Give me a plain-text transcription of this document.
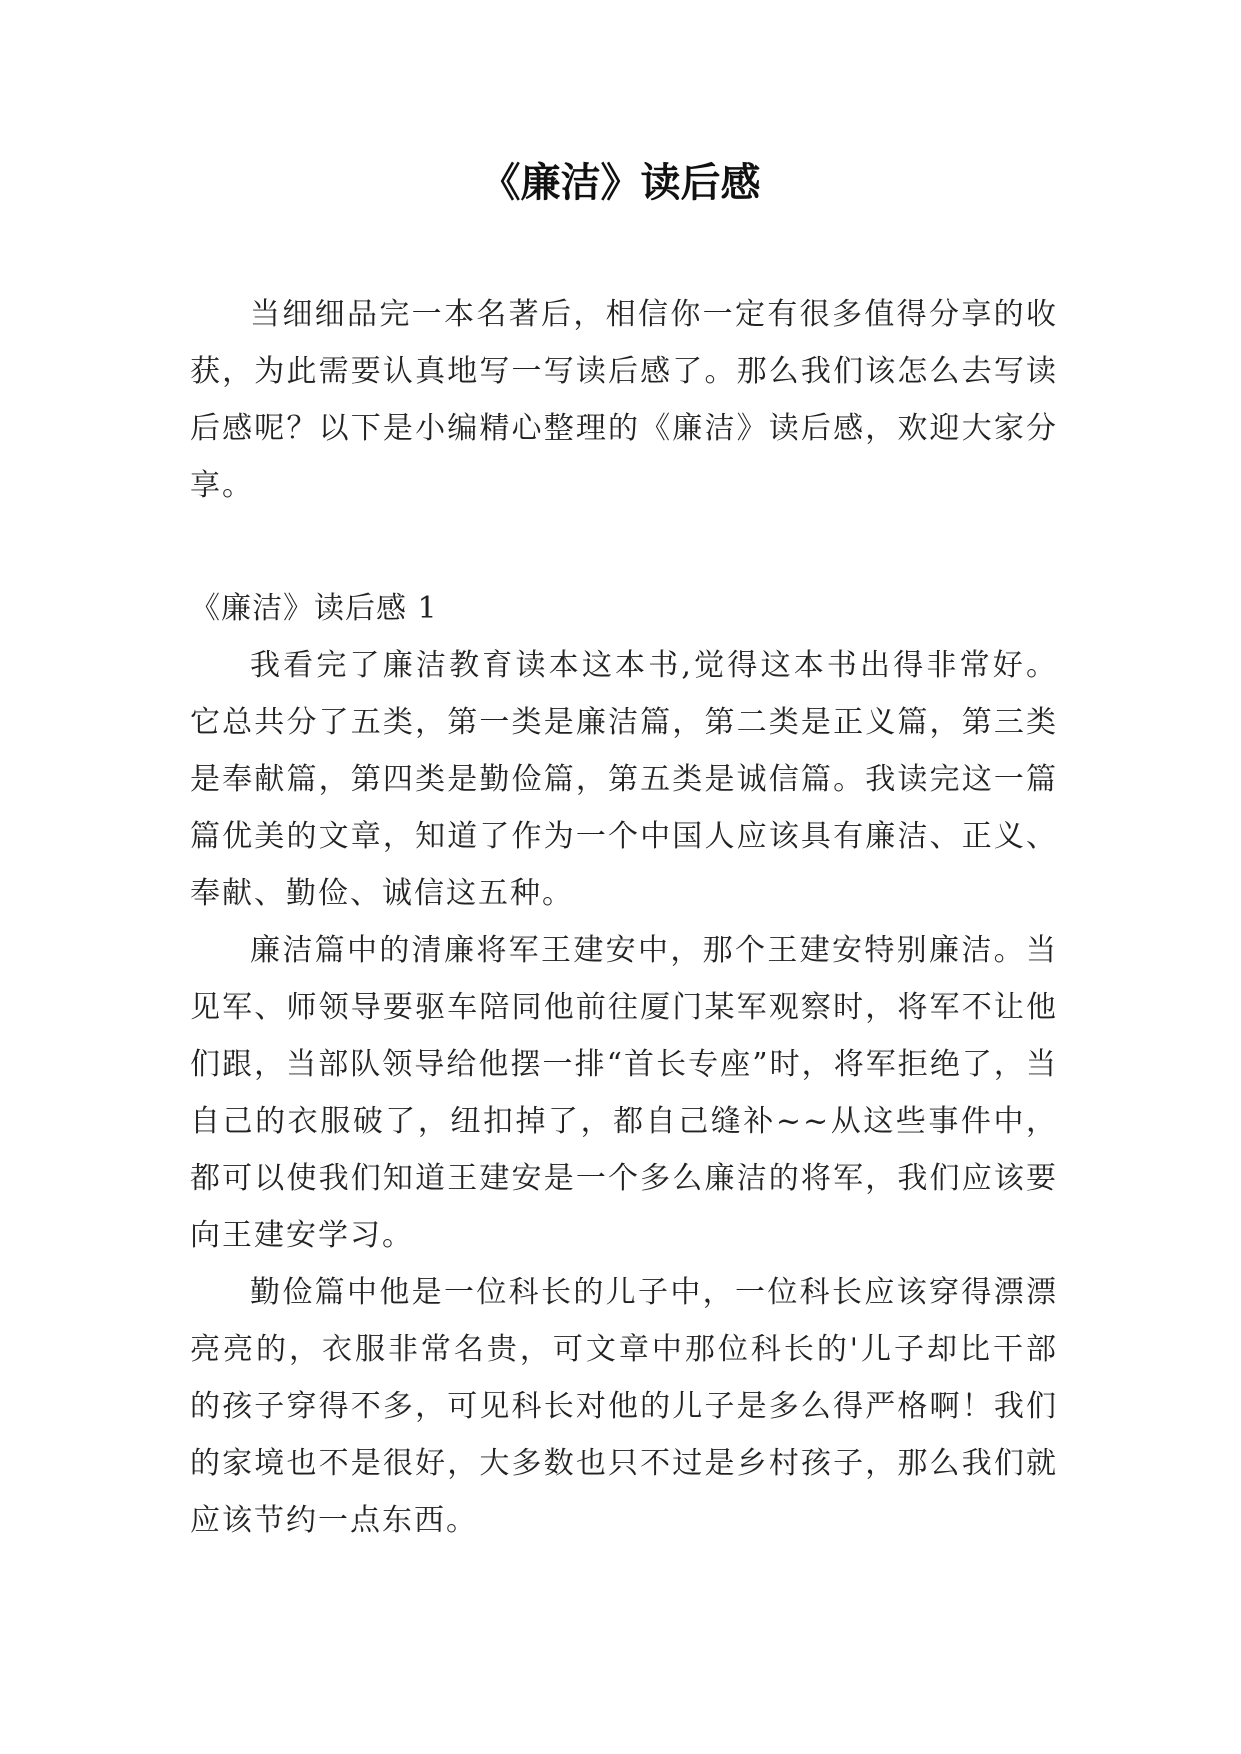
《廉洁》读后感

当细细品完一本名著后，相信你一定有很多值得分享的收获，为此需要认真地写一写读后感了。那么我们该怎么去写读后感呢？以下是小编精心整理的《廉洁》读后感，欢迎大家分享。

《廉洁》读后感 1

我看完了廉洁教育读本这本书,觉得这本书出得非常好。它总共分了五类，第一类是廉洁篇，第二类是正义篇，第三类是奉献篇，第四类是勤俭篇，第五类是诚信篇。我读完这一篇篇优美的文章，知道了作为一个中国人应该具有廉洁、正义、奉献、勤俭、诚信这五种。

廉洁篇中的清廉将军王建安中，那个王建安特别廉洁。当见军、师领导要驱车陪同他前往厦门某军观察时，将军不让他们跟，当部队领导给他摆一排“首长专座”时，将军拒绝了，当自己的衣服破了，纽扣掉了，都自己缝补~~从这些事件中，都可以使我们知道王建安是一个多么廉洁的将军，我们应该要向王建安学习。

勤俭篇中他是一位科长的儿子中，一位科长应该穿得漂漂亮亮的，衣服非常名贵，可文章中那位科长的'儿子却比干部的孩子穿得不多，可见科长对他的儿子是多么得严格啊！我们的家境也不是很好，大多数也只不过是乡村孩子，那么我们就应该节约一点东西。
